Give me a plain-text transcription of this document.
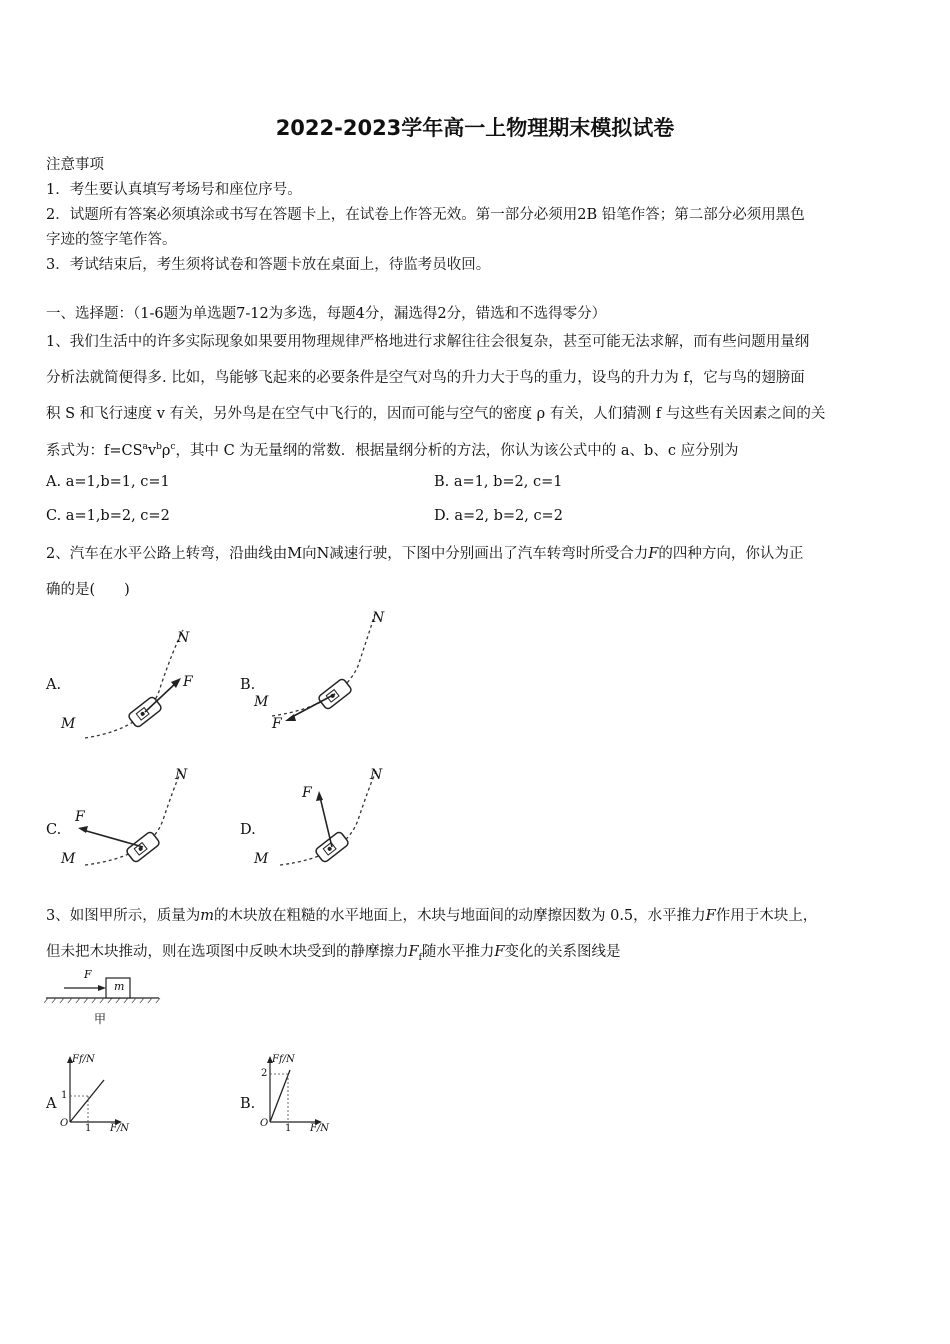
2022-2023学年高一上物理期末模拟试卷
注意事项
1．考生要认真填写考场号和座位序号。
2．试题所有答案必须填涂或书写在答题卡上，在试卷上作答无效。第一部分必须用2B 铅笔作答；第二部分必须用黑色
字迹的签字笔作答。
3．考试结束后，考生须将试卷和答题卡放在桌面上，待监考员收回。
一、选择题：（1-6题为单选题7-12为多选，每题4分，漏选得2分，错选和不选得零分）
1、我们生活中的许多实际现象如果要用物理规律严格地进行求解往往会很复杂，甚至可能无法求解，而有些问题用量纲
分析法就简便得多. 比如，鸟能够飞起来的必要条件是空气对鸟的升力大于鸟的重力，设鸟的升力为 f，它与鸟的翅膀面
积 S 和飞行速度 v 有关，另外鸟是在空气中飞行的，因而可能与空气的密度 ρ 有关，人们猜测 f 与这些有关因素之间的关
系式为：$f=CS^av^b\rho^c$，其中 C 为无量纲的常数．根据量纲分析的方法，你认为该公式中的 a、b、c 应分别为
A. a=1,b=1, c=1	B. a=1, b=2, c=1
C. a=1,b=2, c=2	D. a=2, b=2, c=2
2、汽车在水平公路上转弯，沿曲线由M向N减速行驶，下图中分别画出了汽车转弯时所受合力F的四种方向，你认为正
确的是(　　)
A.
M
N
F	B.
M
N
F
C.
M
N
F
D.
M
N
F
3、如图甲所示，质量为m的木块放在粗糙的水平地面上，木块与地面间的动摩擦因数为 0.5，水平推力F作用于木块上，
但未把木块推动，则在选项图中反映木块受到的静摩擦力$F_f$随水平推力F变化的关系图线是
F
m
甲
A
Ff/N
F/N
O 1
1
B.
Ff/N
F/N
O 1
2
